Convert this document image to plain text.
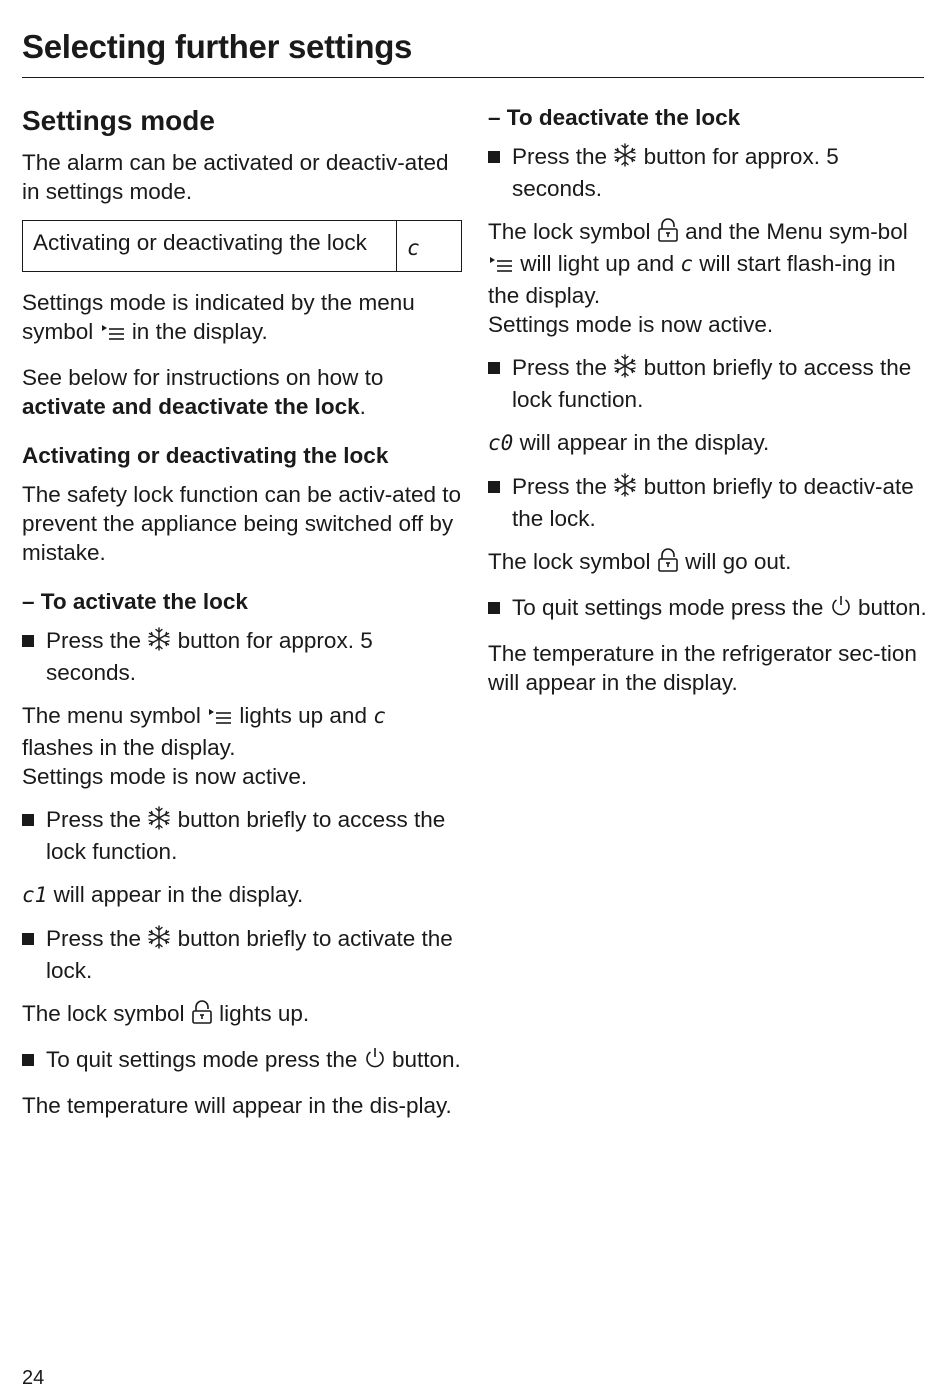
Selecting further settings
Settings mode

The alarm can be activated or deactiv-ated in settings mode.

Activating or deactivating the lock	c

Settings mode is indicated by the menu symbol in the display.

See below for instructions on how to activate and deactivate the lock.

Activating or deactivating the lock

The safety lock function can be activ-ated to prevent the appliance being switched off by mistake.

– To activate the lock
Press the button for approx. 5 seconds.

The menu symbol lights up and c flashes in the display.
Settings mode is now active.

Press the button briefly to access the lock function.

c1 will appear in the display.

Press the button briefly to activate the lock.

The lock symbol lights up.

To quit settings mode press the button.

The temperature will appear in the dis-play.

– To deactivate the lock
Press the button for approx. 5 seconds.

The lock symbol and the Menu sym-bol  will light up and c will start flash-ing in the display.
Settings mode is now active.

Press the button briefly to access the lock function.

c0 will appear in the display.

Press the button briefly to deactiv-ate the lock.

The lock symbol will go out.

To quit settings mode press the button.

The temperature in the refrigerator sec-tion will appear in the display.

24
